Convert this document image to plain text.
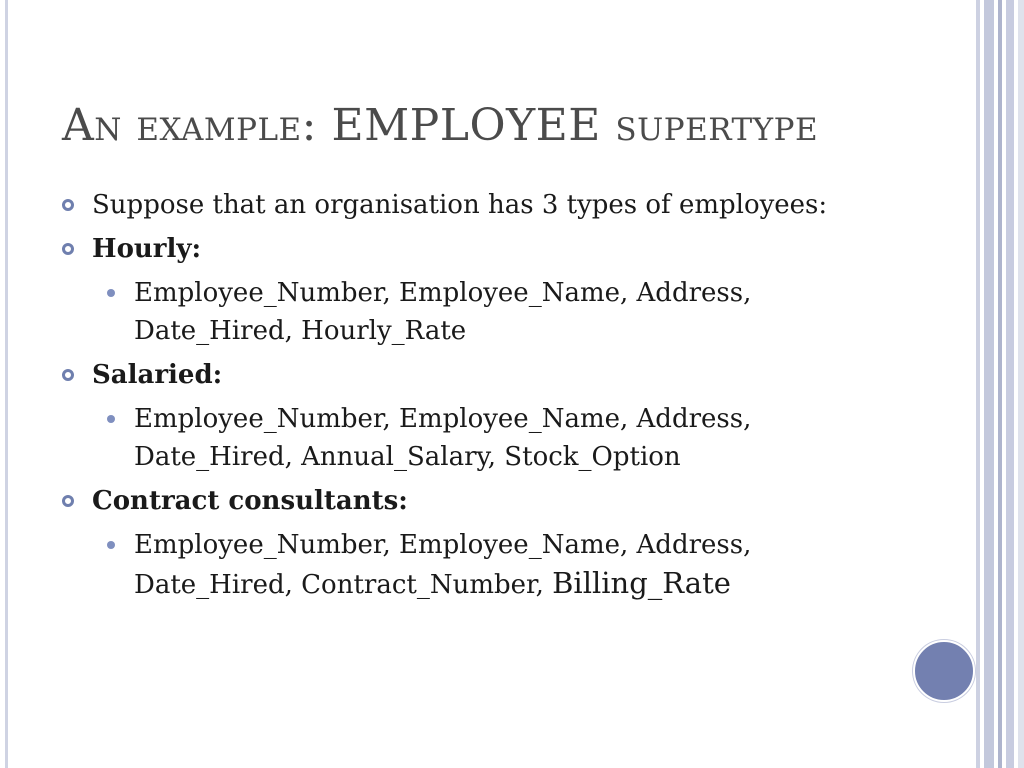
An example: EMPLOYEE supertype
Suppose that an organisation has 3 types of employees:
Hourly:
Employee_Number, Employee_Name, Address, Date_Hired, Hourly_Rate
Salaried:
Employee_Number, Employee_Name, Address, Date_Hired, Annual_Salary, Stock_Option
Contract consultants:
Employee_Number, Employee_Name, Address, Date_Hired, Contract_Number, Billing_Rate
